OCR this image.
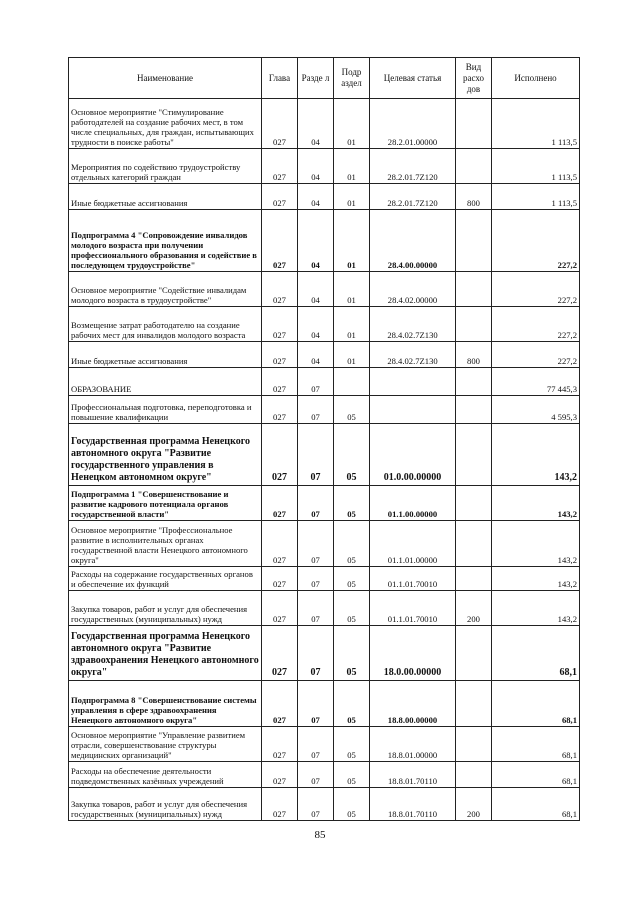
Наименование	Глава	Разде л	Подр аздел	Целевая статья	Вид расхо дов	Исполнено
Основное мероприятие "Стимулирование работодателей на создание рабочих мест, в том числе специальных, для граждан, испытывающих трудности в поиске работы"	027	04	01	28.2.01.00000		1 113,5
Мероприятия по содействию трудоустройству отдельных категорий граждан	027	04	01	28.2.01.7Z120		1 113,5
Иные бюджетные ассигнования	027	04	01	28.2.01.7Z120	800	1 113,5
Подпрограмма 4 "Сопровождение инвалидов молодого возраста при получении профессионального образования и содействие в последующем трудоустройстве"	027	04	01	28.4.00.00000		227,2
Основное мероприятие "Содействие инвалидам молодого возраста в трудоустройстве"	027	04	01	28.4.02.00000		227,2
Возмещение затрат работодателю на создание рабочих мест для инвалидов молодого возраста	027	04	01	28.4.02.7Z130		227,2
Иные бюджетные ассигнования	027	04	01	28.4.02.7Z130	800	227,2
ОБРАЗОВАНИЕ	027	07				77 445,3
Профессиональная подготовка, переподготовка и повышение квалификации	027	07	05			4 595,3
Государственная программа Ненецкого автономного округа "Развитие государственного управления в Ненецком автономном округе"	027	07	05	01.0.00.00000		143,2
Подпрограмма 1 "Совершенствование и развитие кадрового потенциала органов государственной власти"	027	07	05	01.1.00.00000		143,2
Основное мероприятие "Профессиональное развитие в исполнительных органах государственной власти Ненецкого автономного округа"	027	07	05	01.1.01.00000		143,2
Расходы на содержание государственных органов и обеспечение их функций	027	07	05	01.1.01.70010		143,2
Закупка товаров, работ и услуг для обеспечения государственных (муниципальных) нужд	027	07	05	01.1.01.70010	200	143,2
Государственная программа Ненецкого автономного округа "Развитие здравоохранения Ненецкого автономного округа"	027	07	05	18.0.00.00000		68,1
Подпрограмма 8 "Совершенствование системы управления в сфере здравоохранения Ненецкого автономного округа"	027	07	05	18.8.00.00000		68,1
Основное мероприятие "Управление развитием отрасли, совершенствование структуры медицинских организаций"	027	07	05	18.8.01.00000		68,1
Расходы на обеспечение деятельности подведомственных казённых учреждений	027	07	05	18.8.01.70110		68,1
Закупка товаров, работ и услуг для обеспечения государственных (муниципальных) нужд	027	07	05	18.8.01.70110	200	68,1
85
